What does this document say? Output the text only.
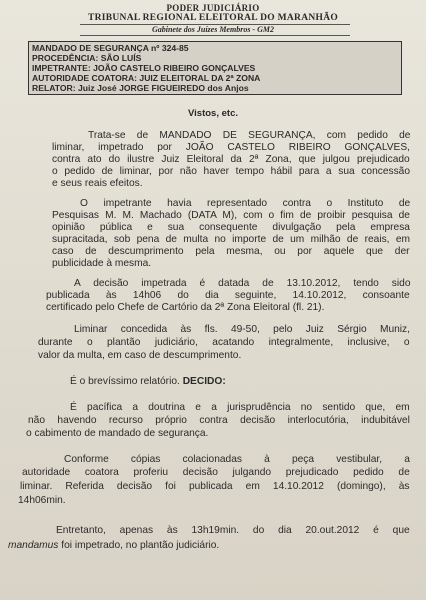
PODER JUDICIÁRIO
TRIBUNAL REGIONAL ELEITORAL DO MARANHÃO
Gabinete dos Juízes Membros - GM2
MANDADO DE SEGURANÇA nº 324-85
PROCEDÊNCIA: SÃO LUÍS
IMPETRANTE: JOÃO CASTELO RIBEIRO GONÇALVES
AUTORIDADE COATORA: JUIZ ELEITORAL DA 2ª ZONA
RELATOR: Juiz José JORGE FIGUEIREDO dos Anjos
Vistos, etc.
Trata-se de MANDADO DE SEGURANÇA, com pedido de
liminar, impetrado por JOÃO CASTELO RIBEIRO GONÇALVES,
contra ato do ilustre Juiz Eleitoral da 2ª Zona, que julgou prejudicado
o pedido de liminar, por não haver tempo hábil para a sua concessão
e seus reais efeitos.
O impetrante havia representado contra o Instituto de
Pesquisas M. M. Machado (DATA M), com o fim de proibir pesquisa de
opinião pública e sua consequente divulgação pela empresa
supracitada, sob pena de multa no importe de um milhão de reais, em
caso de descumprimento pela mesma, ou por aquele que der
publicidade à mesma.
A decisão impetrada é datada de 13.10.2012, tendo sido
publicada às 14h06 do dia seguinte, 14.10.2012, consoante
certificado pelo Chefe de Cartório da 2ª Zona Eleitoral (fl. 21).
Liminar concedida às fls. 49-50, pelo Juiz Sérgio Muniz,
durante o plantão judiciário, acatando integralmente, inclusive, o
valor da multa, em caso de descumprimento.
É o brevíssimo relatório. DECIDO:
É pacífica a doutrina e a jurisprudência no sentido que, em
não havendo recurso próprio contra decisão interlocutória, indubitável
o cabimento de mandado de segurança.
Conforme cópias colacionadas à peça vestibular, a
autoridade coatora proferiu decisão julgando prejudicado pedido de
liminar. Referida decisão foi publicada em 14.10.2012 (domingo), às
14h06min.
Entretanto, apenas às 13h19min. do dia 20.out.2012 é que
mandamus foi impetrado, no plantão judiciário.
